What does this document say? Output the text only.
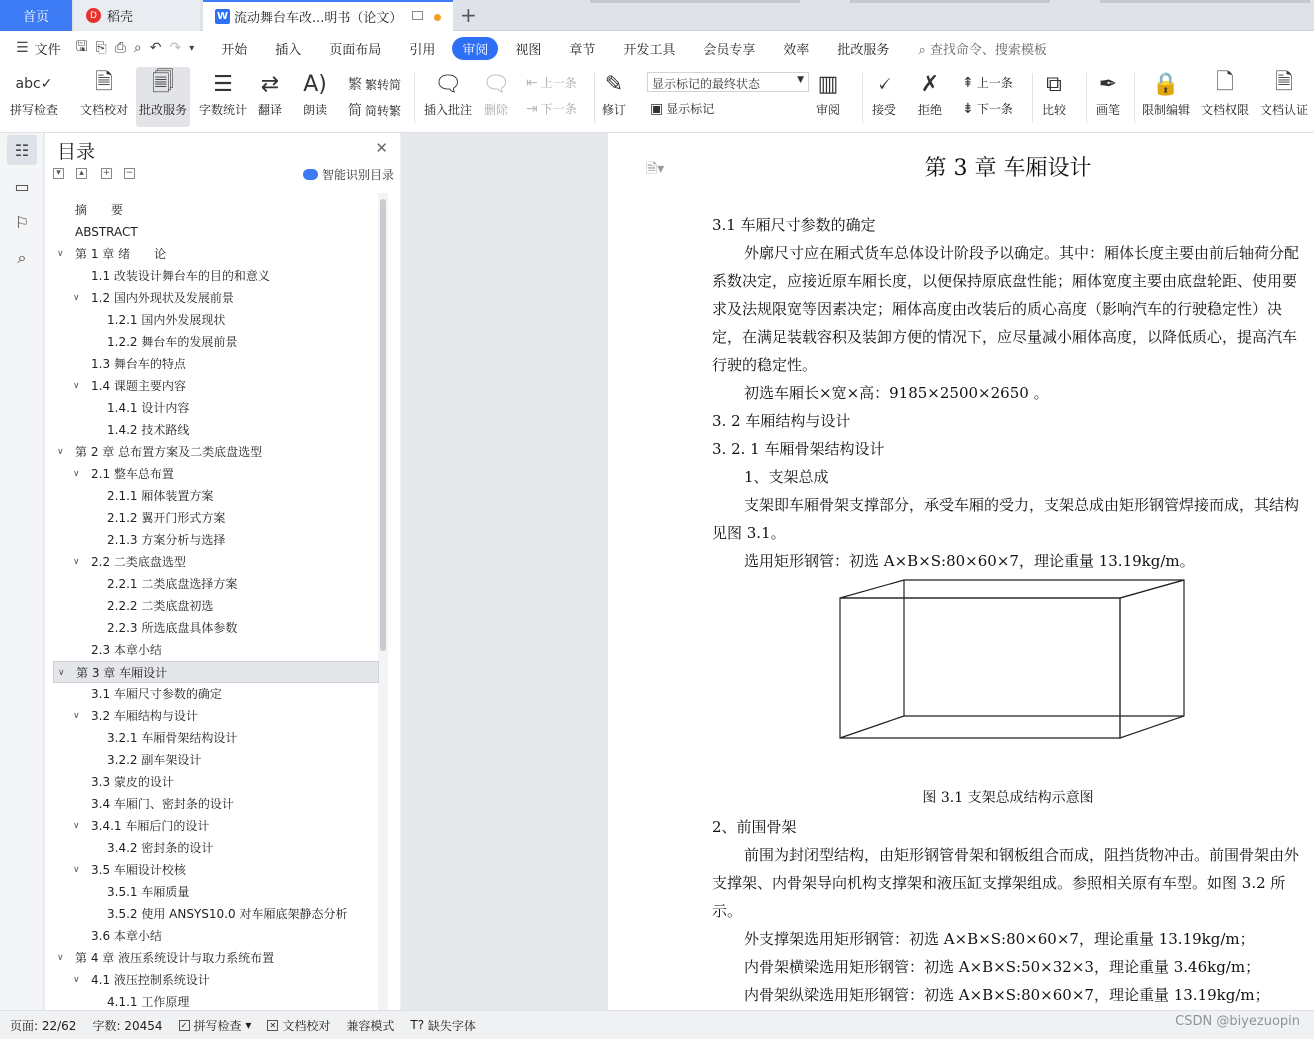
首页	D 稻壳	W 流动舞台车改...明书（论文）	+
☰ 文件	🖫 ⎘ ⎙ ⌕ ↶ ↷ ▾	开始	插入	页面布局	引用	审阅	视图	章节	开发工具	会员专享	效率	批改服务	⌕ 查找命令、搜索模板
abc✓
拼写检查
🗎
文档校对
🗐
批改服务
☰
字数统计
⇄
翻译
A)
朗读
繁 繁转简
简 简转繁
🗨
插入批注
🗨
删除
⇤ 上一条
⇥ 下一条
✎
修订
显示标记的最终状态	▼
▣ 显示标记
▥
审阅
🗸
接受
✗
拒绝
⇞ 上一条
⇟ 下一条
⧉
比较
✒
画笔
🔒
限制编辑
🗋
文档权限
🗎
文档认证
☷
▭
⚐
⌕
目录	✕
▾	▴	+ −	智能识别目录
摘　　要
ABSTRACT
∨ 第 1 章 绪　　论
1.1 改装设计舞台车的目的和意义
∨ 1.2 国内外现状及发展前景
1.2.1 国内外发展现状
1.2.2 舞台车的发展前景
1.3 舞台车的特点
∨ 1.4 课题主要内容
1.4.1 设计内容
1.4.2 技术路线
∨ 第 2 章 总布置方案及二类底盘选型
∨ 2.1 整车总布置
2.1.1 厢体装置方案
2.1.2 翼开门形式方案
2.1.3 方案分析与选择
∨ 2.2 二类底盘选型
2.2.1 二类底盘选择方案
2.2.2 二类底盘初选
2.2.3 所选底盘具体参数
2.3 本章小结
∨ 第 3 章 车厢设计
3.1 车厢尺寸参数的确定
∨ 3.2 车厢结构与设计
3.2.1 车厢骨架结构设计
3.2.2 副车架设计
3.3 蒙皮的设计
3.4 车厢门、密封条的设计
∨ 3.4.1 车厢后门的设计
3.4.2 密封条的设计
∨ 3.5 车厢设计校核
3.5.1 车厢质量
3.5.2 使用 ANSYS10.0 对车厢底架静态分析
3.6 本章小结
∨ 第 4 章 液压系统设计与取力系统布置
∨ 4.1 液压控制系统设计
4.1.1 工作原理
🗎▾	第 3 章 车厢设计
3.1 车厢尺寸参数的确定
外廓尺寸应在厢式货车总体设计阶段予以确定。其中：厢体长度主要由前后轴荷分配系数决定，应接近原车厢长度，以便保持原底盘性能；厢体宽度主要由底盘轮距、使用要求及法规限宽等因素决定；厢体高度由改装后的质心高度（影响汽车的行驶稳定性）决定，在满足装载容积及装卸方便的情况下，应尽量减小厢体高度，以降低质心，提高汽车行驶的稳定性。
初选车厢长×宽×高：9185×2500×2650 。
3. 2 车厢结构与设计
3. 2. 1 车厢骨架结构设计
1、支架总成
支架即车厢骨架支撑部分，承受车厢的受力，支架总成由矩形钢管焊接而成，其结构见图 3.1。
选用矩形钢管：初选 A×B×S:80×60×7，理论重量 13.19kg/m。
图 3.1 支架总成结构示意图
2、前围骨架
前围为封闭型结构，由矩形钢管骨架和钢板组合而成，阻挡货物冲击。前围骨架由外支撑架、内骨架导向机构支撑架和液压缸支撑架组成。参照相关原有车型。如图 3.2 所示。
外支撑架选用矩形钢管：初选 A×B×S:80×60×7，理论重量 13.19kg/m；
内骨架横梁选用矩形钢管：初选 A×B×S:50×32×3，理论重量 3.46kg/m；
内骨架纵梁选用矩形钢管：初选 A×B×S:80×60×7，理论重量 13.19kg/m；
页面: 22/62	字数: 20454	✓ 拼写检查 ▾	✕ 文档校对	兼容模式	T?
缺失字体	CSDN @biyezuopin
